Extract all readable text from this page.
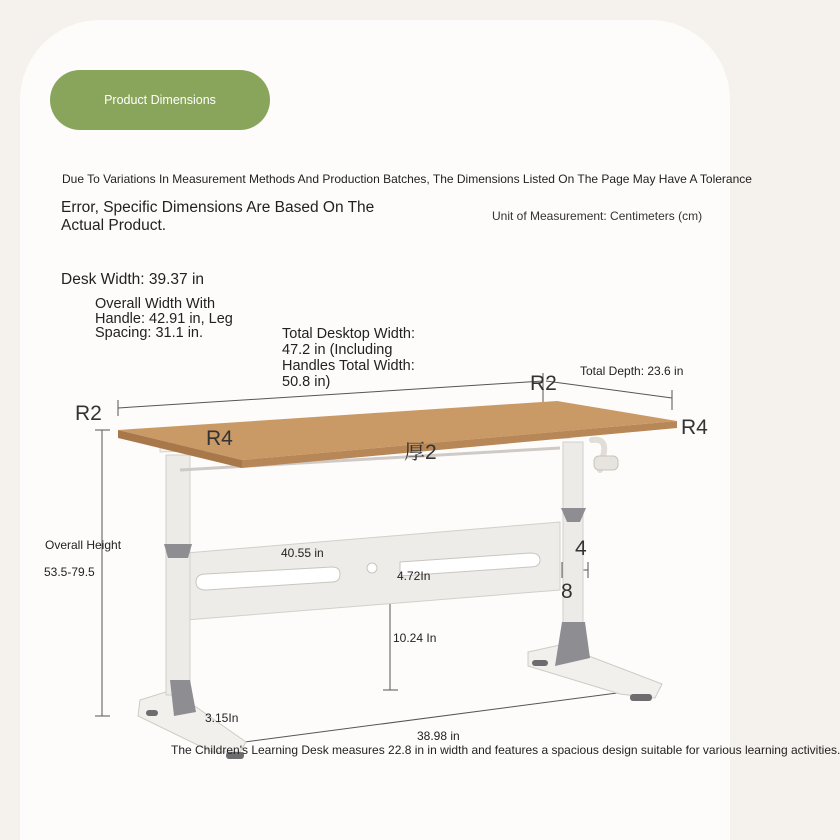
Product Dimensions
Due To Variations In Measurement Methods And Production Batches, The Dimensions Listed On The Page May Have A Tolerance
Error, Specific Dimensions Are Based On The Actual Product.
Unit of Measurement: Centimeters (cm)
Desk Width: 39.37 in
Overall Width With Handle: 42.91 in, Leg Spacing: 31.1 in.	Total Desktop Width: 47.2 in (Including Handles Total Width: 50.8 in)
Total Depth: 23.6 in
R2
R4
厚2
R2
R4
Overall Height
53.5-79.5
40.55 in
4.72In
4
8
10.24 In
3.15In
38.98 in
The Children's Learning Desk measures 22.8 in in width and features a spacious design suitable for various learning activities.
